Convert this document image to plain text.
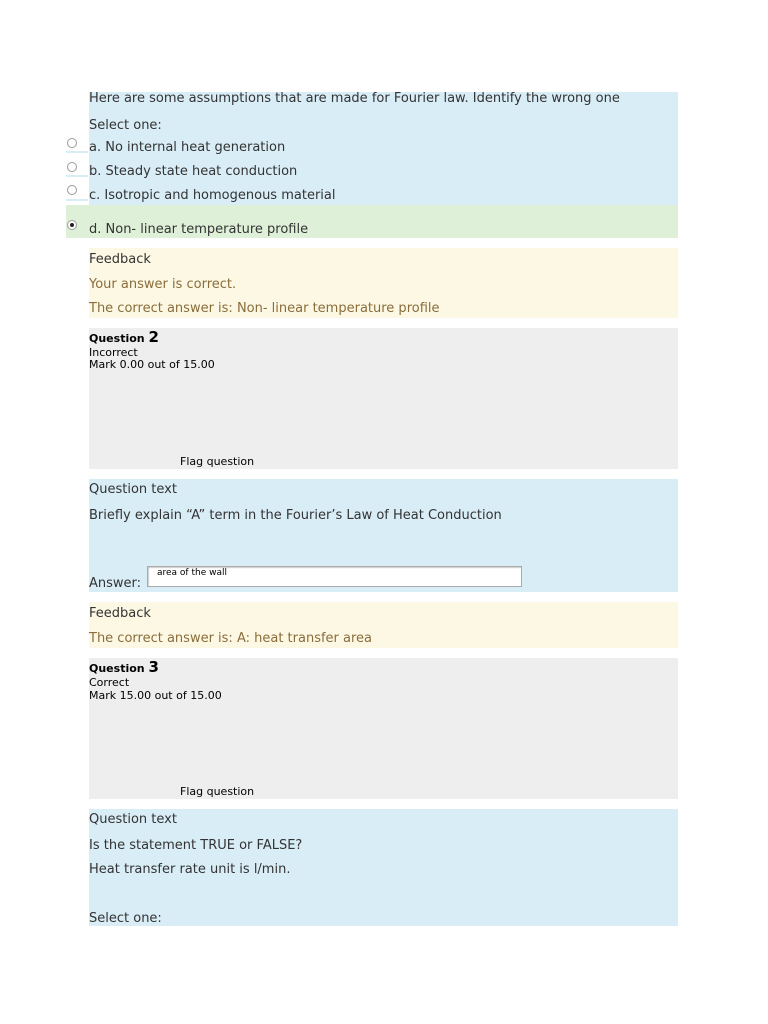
Here are some assumptions that are made for Fourier law. Identify the wrong one
Select one:
a. No internal heat generation
b. Steady state heat conduction
c. Isotropic and homogenous material
d. Non- linear temperature profile
Feedback
Your answer is correct.
The correct answer is: Non- linear temperature profile
Question 2
Incorrect
Mark 0.00 out of 15.00
Flag question
Question text
Briefly explain “A” term in the Fourier’s Law of Heat Conduction
Answer:
area of the wall
Feedback
The correct answer is: A: heat transfer area
Question 3
Correct
Mark 15.00 out of 15.00
Flag question
Question text
Is the statement TRUE or FALSE?
Heat transfer rate unit is l/min.
Select one:
